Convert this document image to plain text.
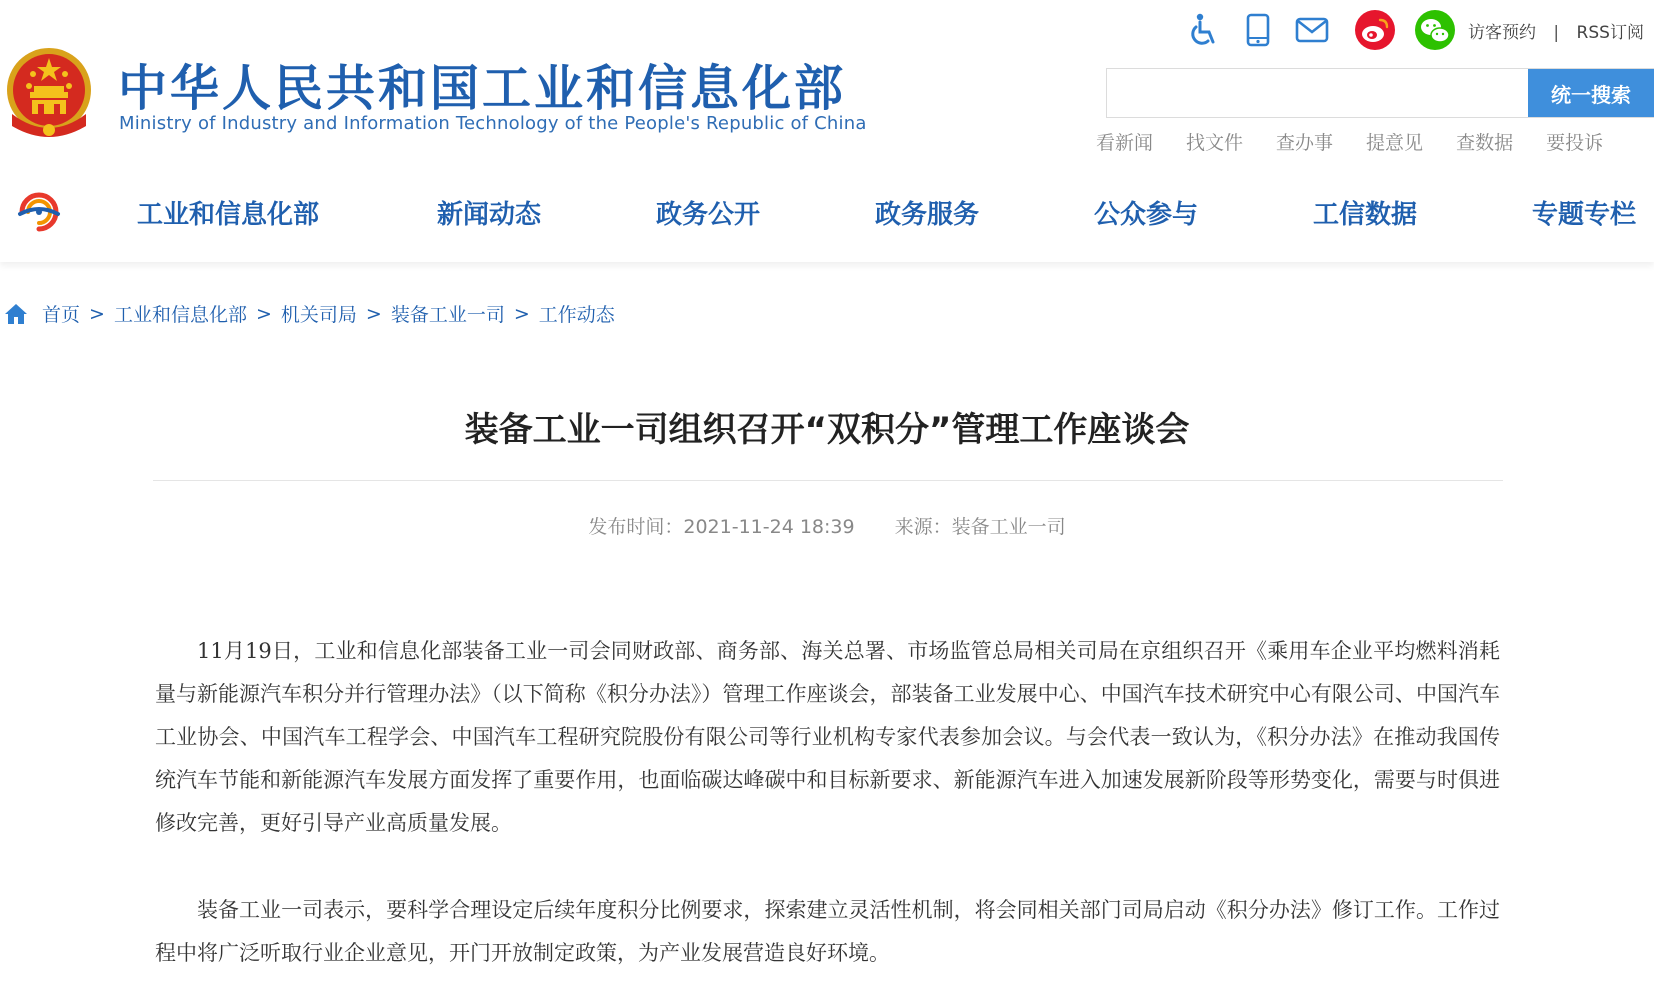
中华人民共和国工业和信息化部
Ministry of Industry and Information Technology of the People's Republic of China
访客预约 | RSS订阅
统一搜索
看新闻 找文件 查办事 提意见 查数据 要投诉
工业和信息化部	新闻动态	政务公开	政务服务	公众参与	工信数据	专题专栏
首页 > 工业和信息化部 > 机关司局 > 装备工业一司 > 工作动态
装备工业一司组织召开“双积分”管理工作座谈会
发布时间：2021-11-24 18:39 来源：装备工业一司

11月19日，工业和信息化部装备工业一司会同财政部、商务部、海关总署、市场监管总局相关司局在京组织召开《乘用车企业平均燃料消耗量与新能源汽车积分并行管理办法》（以下简称《积分办法》）管理工作座谈会，部装备工业发展中心、中国汽车技术研究中心有限公司、中国汽车工业协会、中国汽车工程学会、中国汽车工程研究院股份有限公司等行业机构专家代表参加会议。与会代表一致认为，《积分办法》在推动我国传统汽车节能和新能源汽车发展方面发挥了重要作用，也面临碳达峰碳中和目标新要求、新能源汽车进入加速发展新阶段等形势变化，需要与时俱进修改完善，更好引导产业高质量发展。

装备工业一司表示，要科学合理设定后续年度积分比例要求，探索建立灵活性机制，将会同相关部门司局启动《积分办法》修订工作。工作过程中将广泛听取行业企业意见，开门开放制定政策，为产业发展营造良好环境。
